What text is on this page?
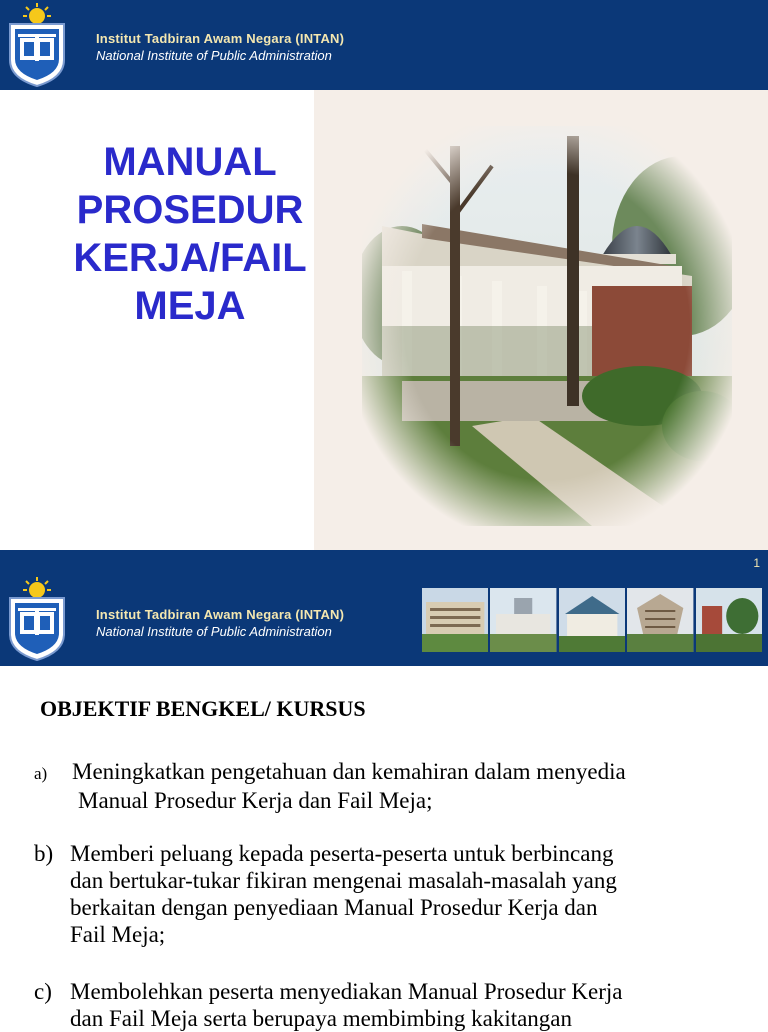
Institut Tadbiran Awam Negara (INTAN)
National Institute of Public Administration
MANUAL
PROSEDUR
KERJA/FAIL
MEJA
1
Institut Tadbiran Awam Negara (INTAN)
National Institute of Public Administration
OBJEKTIF BENGKEL/ KURSUS
a) Meningkatkan pengetahuan dan kemahiran dalam menyedia
Manual Prosedur Kerja dan Fail Meja;
b) Memberi peluang kepada peserta-peserta untuk berbincang
dan bertukar-tukar fikiran mengenai masalah-masalah yang
berkaitan dengan penyediaan Manual Prosedur Kerja dan
Fail Meja;
c) Membolehkan peserta menyediakan Manual Prosedur Kerja
dan Fail Meja serta berupaya membimbing kakitangan
